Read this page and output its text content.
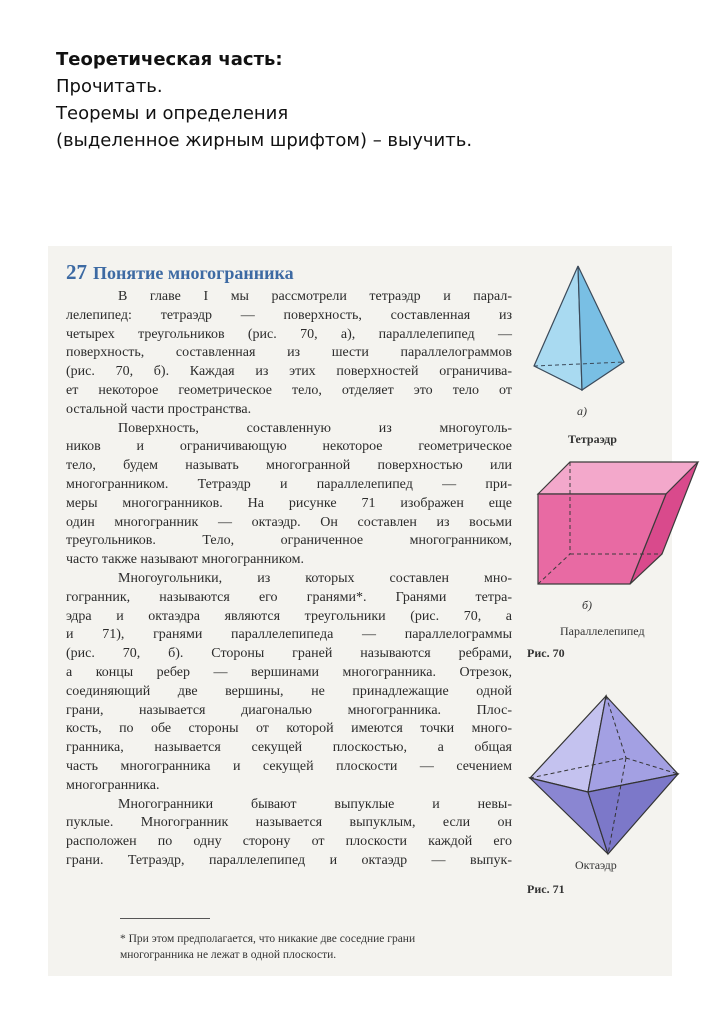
Теоретическая часть:
Прочитать.
Теоремы и определения
(выделенное жирным шрифтом) – выучить.
27 Понятие многогранника
В главе I мы рассмотрели тетраэдр и парал-
лелепипед: тетраэдр — поверхность, составленная из
четырех треугольников (рис. 70, а), параллелепипед —
поверхность, составленная из шести параллелограммов
(рис. 70, б). Каждая из этих поверхностей ограничива-
ет некоторое геометрическое тело, отделяет это тело от
остальной части пространства.
Поверхность, составленную из многоуголь-
ников и ограничивающую некоторое геометрическое
тело, будем называть многогранной поверхностью или
многогранником. Тетраэдр и параллелепипед — при-
меры многогранников. На рисунке 71 изображен еще
один многогранник — октаэдр. Он составлен из восьми
треугольников. Тело, ограниченное многогранником,
часто также называют многогранником.
Многоугольники, из которых составлен мно-
гогранник, называются его гранями*. Гранями тетра-
эдра и октаэдра являются треугольники (рис. 70, а
и 71), гранями параллелепипеда — параллелограммы
(рис. 70, б). Стороны граней называются ребрами,
а концы ребер — вершинами многогранника. Отрезок,
соединяющий две вершины, не принадлежащие одной
грани, называется диагональю многогранника. Плос-
кость, по обе стороны от которой имеются точки много-
гранника, называется секущей плоскостью, а общая
часть многогранника и секущей плоскости — сечением
многогранника.
Многогранники бывают выпуклые и невы-
пуклые. Многогранник называется выпуклым, если он
расположен по одну сторону от плоскости каждой его
грани. Тетраэдр, параллелепипед и октаэдр — выпук-
* При этом предполагается, что никакие две соседние грани
многогранника не лежат в одной плоскости.
а)
Тетраэдр
б)
Параллелепипед
Рис. 70
Октаэдр
Рис. 71
